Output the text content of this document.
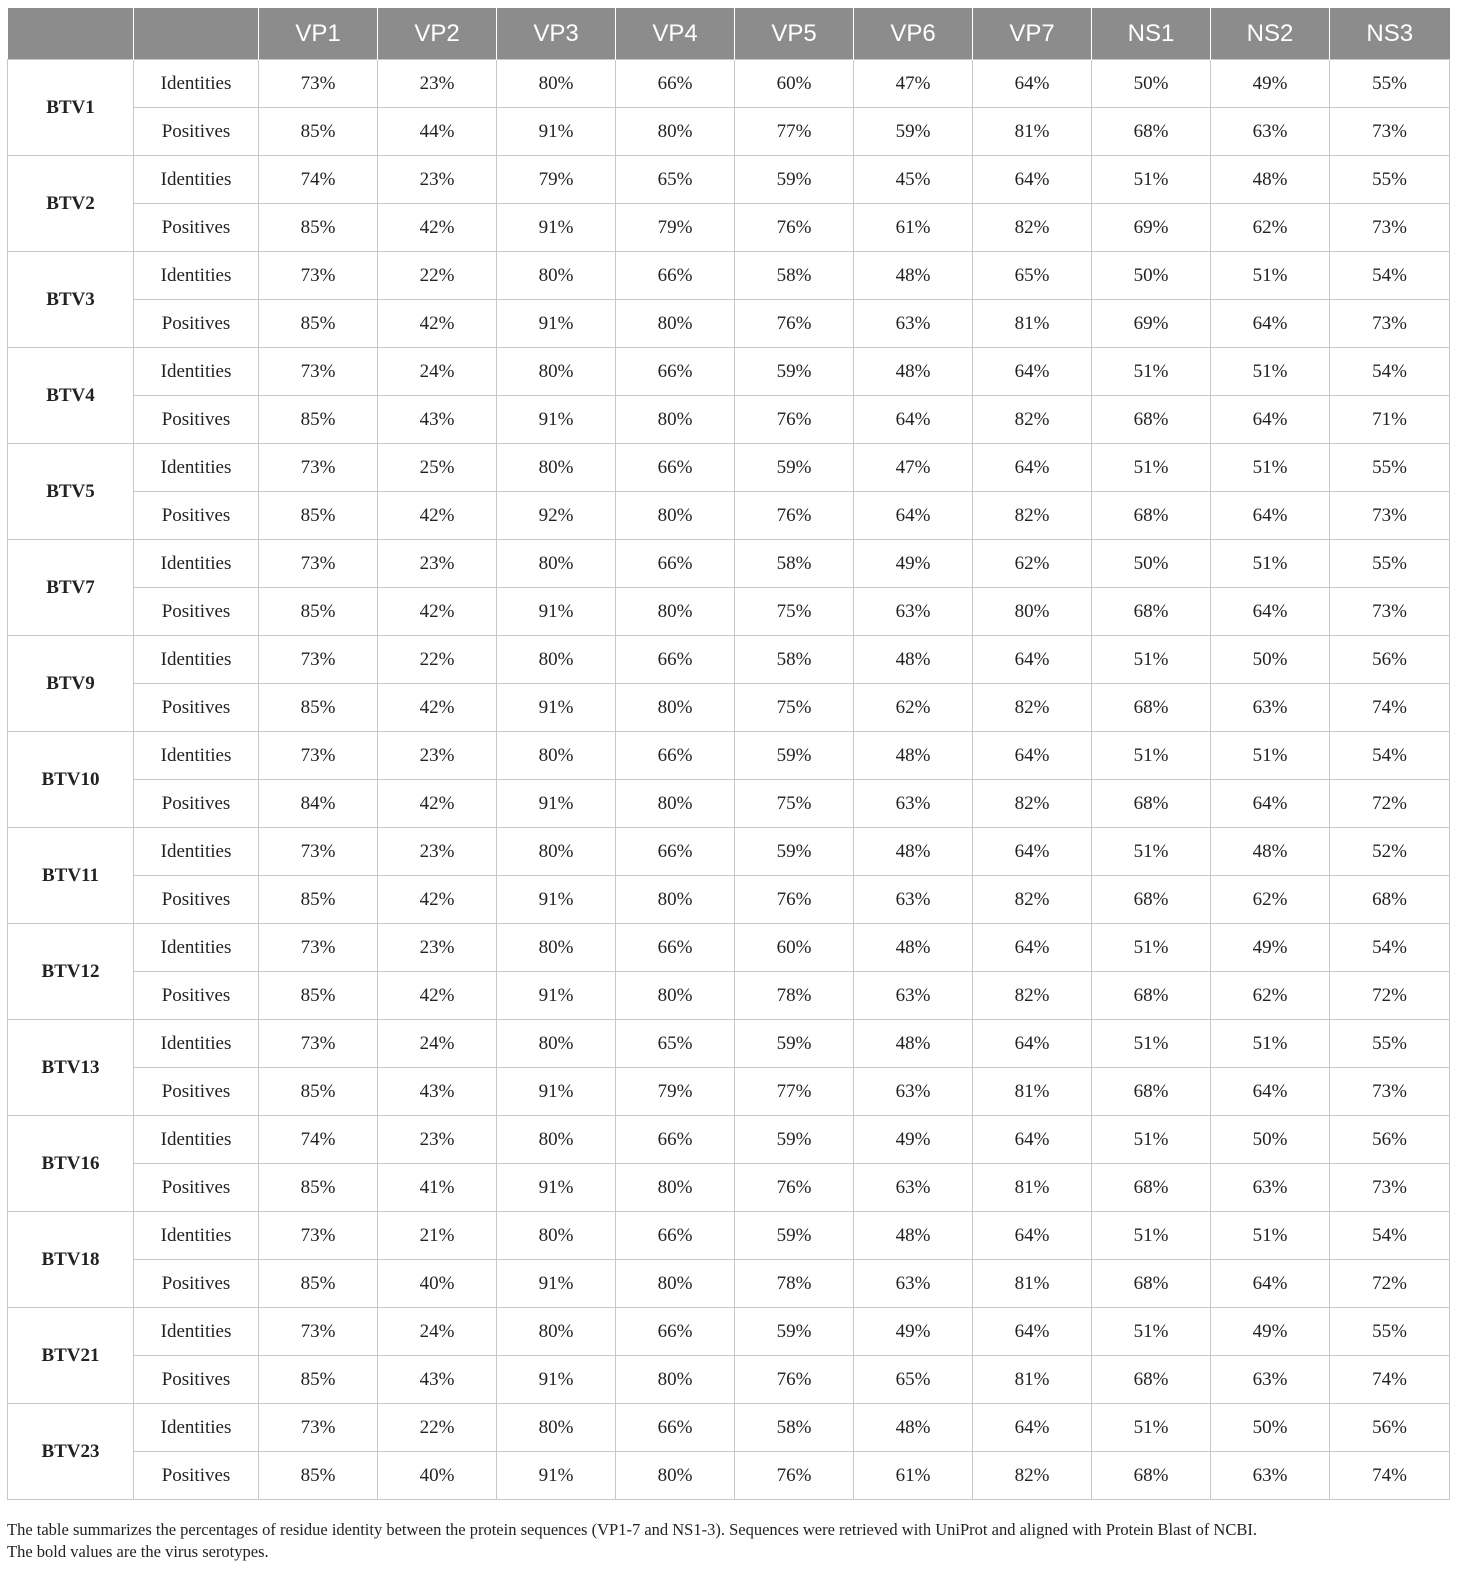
		VP1	VP2	VP3	VP4	VP5	VP6	VP7	NS1	NS2	NS3
BTV1	Identities	73%	23%	80%	66%	60%	47%	64%	50%	49%	55%
	Positives	85%	44%	91%	80%	77%	59%	81%	68%	63%	73%
BTV2	Identities	74%	23%	79%	65%	59%	45%	64%	51%	48%	55%
	Positives	85%	42%	91%	79%	76%	61%	82%	69%	62%	73%
BTV3	Identities	73%	22%	80%	66%	58%	48%	65%	50%	51%	54%
	Positives	85%	42%	91%	80%	76%	63%	81%	69%	64%	73%
BTV4	Identities	73%	24%	80%	66%	59%	48%	64%	51%	51%	54%
	Positives	85%	43%	91%	80%	76%	64%	82%	68%	64%	71%
BTV5	Identities	73%	25%	80%	66%	59%	47%	64%	51%	51%	55%
	Positives	85%	42%	92%	80%	76%	64%	82%	68%	64%	73%
BTV7	Identities	73%	23%	80%	66%	58%	49%	62%	50%	51%	55%
	Positives	85%	42%	91%	80%	75%	63%	80%	68%	64%	73%
BTV9	Identities	73%	22%	80%	66%	58%	48%	64%	51%	50%	56%
	Positives	85%	42%	91%	80%	75%	62%	82%	68%	63%	74%
BTV10	Identities	73%	23%	80%	66%	59%	48%	64%	51%	51%	54%
	Positives	84%	42%	91%	80%	75%	63%	82%	68%	64%	72%
BTV11	Identities	73%	23%	80%	66%	59%	48%	64%	51%	48%	52%
	Positives	85%	42%	91%	80%	76%	63%	82%	68%	62%	68%
BTV12	Identities	73%	23%	80%	66%	60%	48%	64%	51%	49%	54%
	Positives	85%	42%	91%	80%	78%	63%	82%	68%	62%	72%
BTV13	Identities	73%	24%	80%	65%	59%	48%	64%	51%	51%	55%
	Positives	85%	43%	91%	79%	77%	63%	81%	68%	64%	73%
BTV16	Identities	74%	23%	80%	66%	59%	49%	64%	51%	50%	56%
	Positives	85%	41%	91%	80%	76%	63%	81%	68%	63%	73%
BTV18	Identities	73%	21%	80%	66%	59%	48%	64%	51%	51%	54%
	Positives	85%	40%	91%	80%	78%	63%	81%	68%	64%	72%
BTV21	Identities	73%	24%	80%	66%	59%	49%	64%	51%	49%	55%
	Positives	85%	43%	91%	80%	76%	65%	81%	68%	63%	74%
BTV23	Identities	73%	22%	80%	66%	58%	48%	64%	51%	50%	56%
	Positives	85%	40%	91%	80%	76%	61%	82%	68%	63%	74%

The table summarizes the percentages of residue identity between the protein sequences (VP1-7 and NS1-3). Sequences were retrieved with UniProt and aligned with Protein Blast of NCBI.

The bold values are the virus serotypes.
